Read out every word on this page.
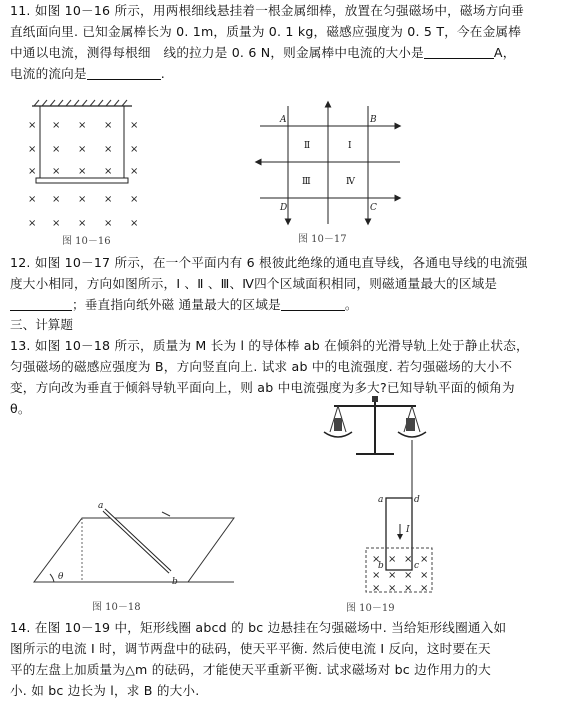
11. 如图 10－16 所示，用两根细线悬挂着一根金属细棒，放置在匀强磁场中，磁场方向垂
直纸面向里. 已知金属棒长为 0. 1m，质量为 0. 1 kg，磁感应强度为 0. 5 T，今在金属棒
中通以电流，测得每根细　线的拉力是 0. 6 N，则金属棒中电流的大小是	A，
电流的流向是	.
× × × × ×
× × × × ×
× × × × ×
× × × × ×
× × × × ×
图 10－16
A	B
C
D
Ⅰ
Ⅱ
Ⅲ	Ⅳ
图 10－17
12. 如图 10－17 所示，在一个平面内有 6 根彼此绝缘的通电直导线，各通电导线的电流强
度大小相同，方向如图所示，Ⅰ 、Ⅱ 、Ⅲ、Ⅳ四个区域面积相同，则磁通量最大的区域是
；垂直指向纸外磁 通量最大的区域是	。
三、计算题
13. 如图 10－18 所示，质量为 M 长为 l 的导体棒 ab 在倾斜的光滑导轨上处于静止状态，
匀强磁场的磁感应强度为 B，方向竖直向上. 试求 ab 中的电流强度. 若匀强磁场的大小不
变，方向改为垂直于倾斜导轨平面向上，则 ab 中电流强度为多大?已知导轨平面的倾角为
θ。
a
b
θ
图 10－18
a	d
b	c
I
× × × ×
× × × ×
× × × ×
图 10－19
14. 在图 10－19 中，矩形线圈 abcd 的 bc 边悬挂在匀强磁场中. 当给矩形线圈通入如
图所示的电流 I 时，调节两盘中的砝码，使天平平衡. 然后使电流 I 反向，这时要在天
平的左盘上加质量为△m 的砝码，才能使天平重新平衡. 试求磁场对 bc 边作用力的大
小. 如 bc 边长为 l，求 B 的大小.
